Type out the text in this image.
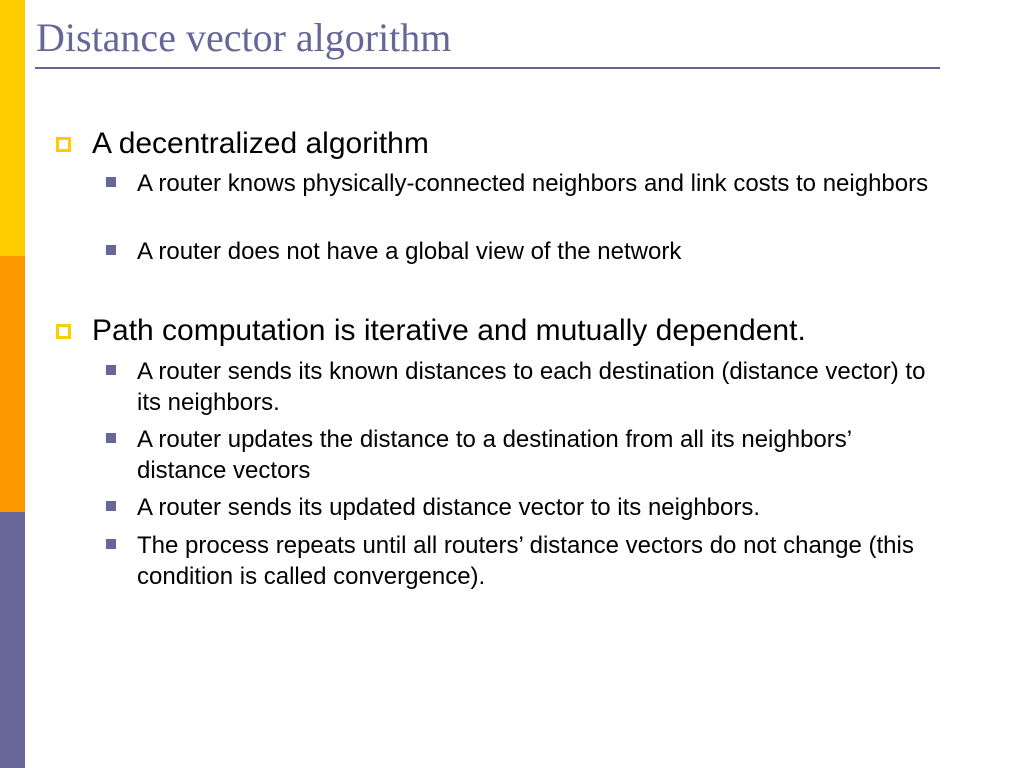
Distance vector algorithm
A decentralized algorithm
A router knows physically-connected neighbors and link costs to neighbors
A router does not have a global view of the network
Path computation is iterative and mutually dependent.
A router sends its known distances to each destination (distance vector) to its neighbors.
A router updates the distance to a destination from all its neighbors’ distance vectors
A router sends its updated distance vector to its neighbors.
The process repeats until all routers’ distance vectors do not change (this condition is called convergence).
